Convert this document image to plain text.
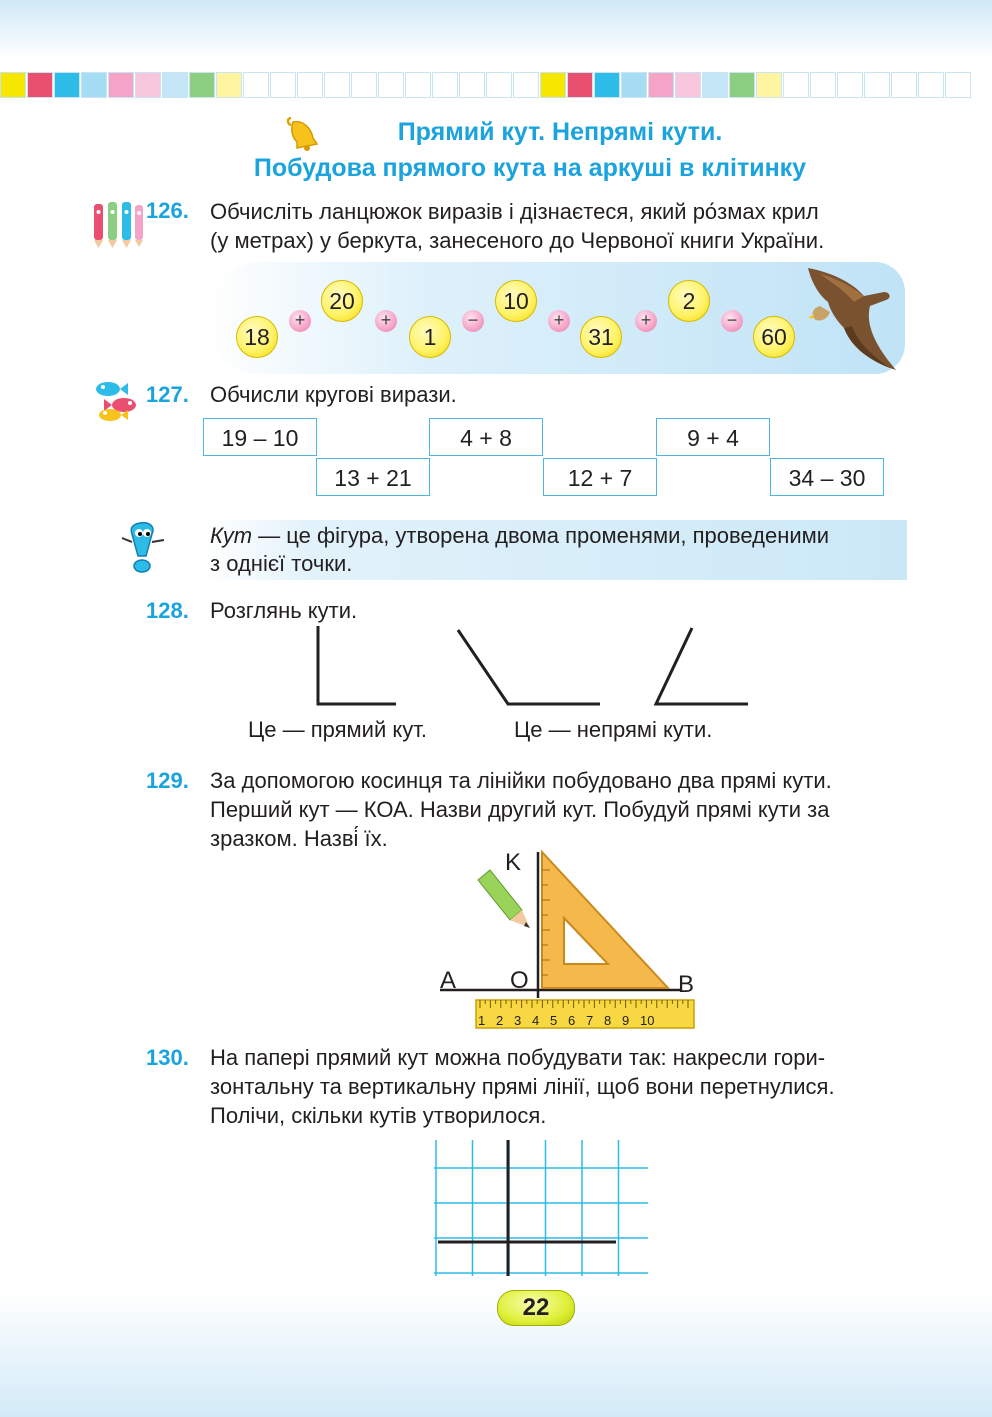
Прямий кут. Непрямі кути.
Побудова прямого кута на аркуші в клітинку
126. Обчисліть ланцюжок виразів і дізнаєтеся, який ро́змах крил
(у метрах) у беркута, занесеного до Червоної книги України.
18
20
1
10
31
2
60
+	+	−	+	+	−
127. Обчисли кругові вирази.
19 – 10	4 + 8	9 + 4
13 + 21	12 + 7	34 – 30
Кут — це фігура, утворена двома променями, проведеними
з однієї точки.
128. Розглянь кути.
Це — прямий кут.	Це — непрямі кути.
129. За допомогою косинця та лінійки побудовано два прямі кути.
Перший кут — КОА. Назви другий кут. Побудуй прямі кути за
зразком. Назві́ їх.
K
A O	B
1 2 3 4 5 6 7 8 9 10
130. На папері прямий кут можна побудувати так: накресли гори-
зонтальну та вертикальну прямі лінії, щоб вони перетнулися.
Полічи, скільки кутів утворилося.
22
